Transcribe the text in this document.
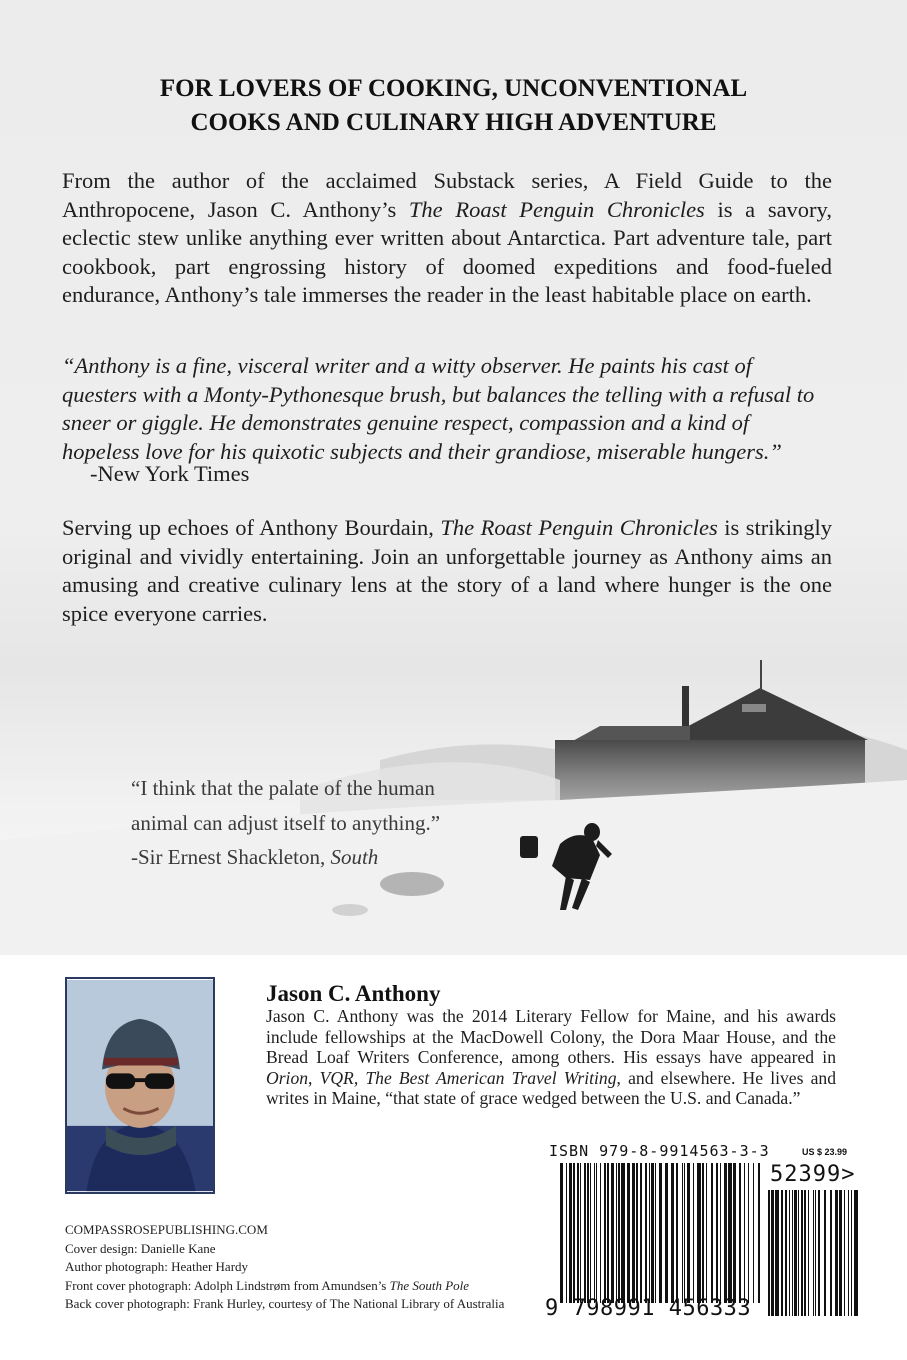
FOR LOVERS OF COOKING, UNCONVENTIONAL
COOKS AND CULINARY HIGH ADVENTURE
From the author of the acclaimed Substack series, A Field Guide to the Anthropocene, Jason C. Anthony’s The Roast Penguin Chronicles is a savory, eclectic stew unlike anything ever written about Antarctica. Part adventure tale, part cookbook, part engrossing history of doomed expeditions and food-fueled endurance, Anthony’s tale immerses the reader in the least habitable place on earth.
“Anthony is a fine, visceral writer and a witty observer. He paints his cast of questers with a Monty-Pythonesque brush, but balances the telling with a refusal to sneer or giggle. He demonstrates genuine respect, compassion and a kind of hopeless love for his quixotic subjects and their grandiose, miserable hungers.”
-New York Times
Serving up echoes of Anthony Bourdain, The Roast Penguin Chronicles is strikingly original and vividly entertaining. Join an unforgettable journey as Anthony aims an amusing and creative culinary lens at the story of a land where hunger is the one spice everyone carries.
“I think that the palate of the human
animal can adjust itself to anything.”
-Sir Ernest Shackleton, South
Jason C. Anthony
Jason C. Anthony was the 2014 Literary Fellow for Maine, and his awards include fellowships at the MacDowell Colony, the Dora Maar House, and the Bread Loaf Writers Conference, among others. His essays have appeared in Orion, VQR, The Best American Travel Writing, and elsewhere. He lives and writes in Maine, “that state of grace wedged between the U.S. and Canada.”
COMPASSROSEPUBLISHING.COM
Cover design: Danielle Kane
Author photograph: Heather Hardy
Front cover photograph: Adolph Lindstrøm from Amundsen’s The South Pole
Back cover photograph: Frank Hurley, courtesy of The National Library of Australia
ISBN 979-8-9914563-3-3	US $ 23.99
52399>
9 798991 456333
